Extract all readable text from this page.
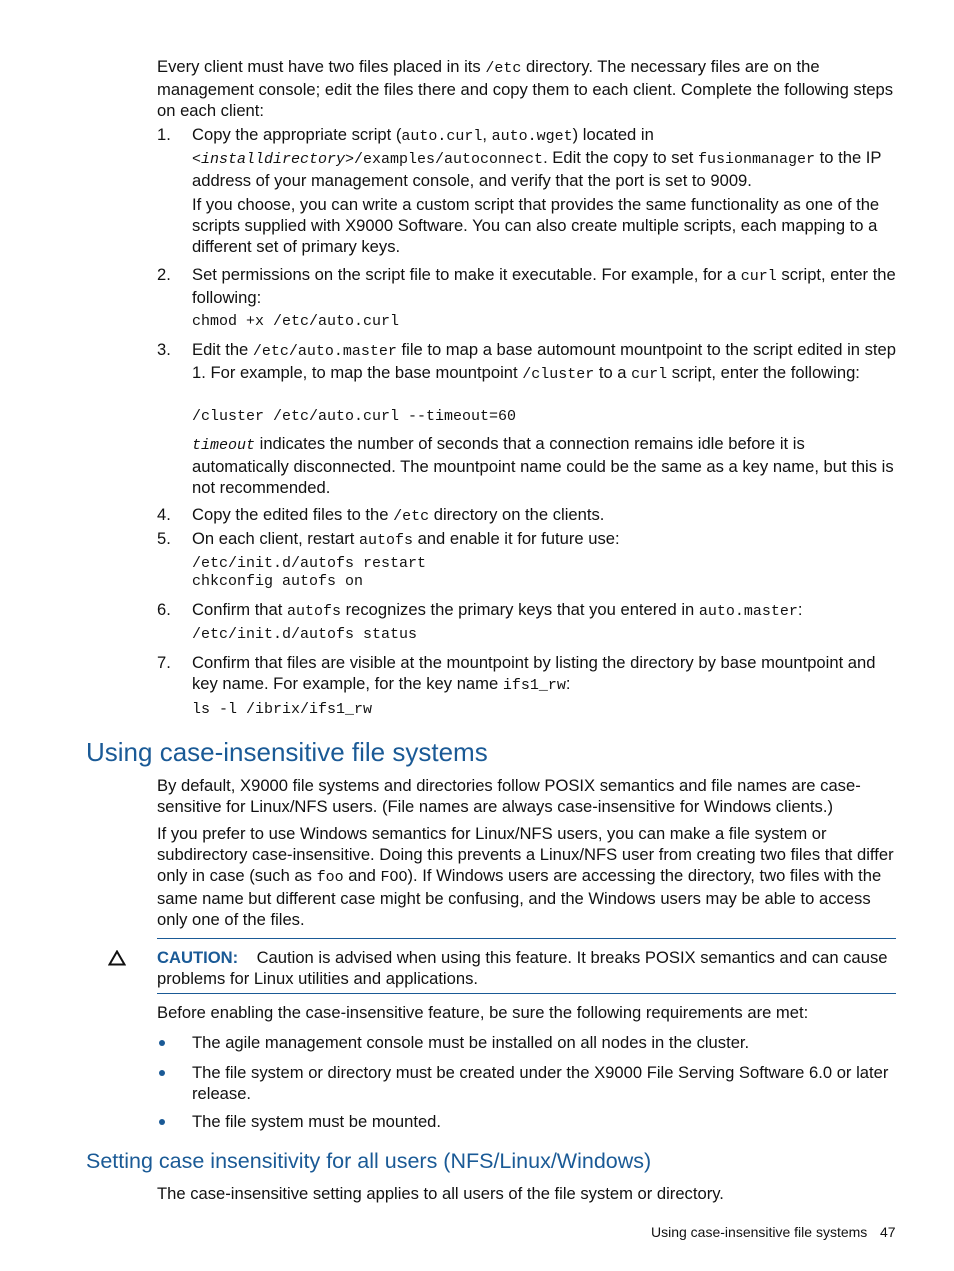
Every client must have two files placed in its /etc directory. The necessary files are on the management console; edit the files there and copy them to each client. Complete the following steps on each client:

1.	Copy the appropriate script (auto.curl, auto.wget) located in
<installdirectory>/examples/autoconnect. Edit the copy to set fusionmanager to the IP address of your management console, and verify that the port is set to 9009.

If you choose, you can write a custom script that provides the same functionality as one of the scripts supplied with X9000 Software. You can also create multiple scripts, each mapping to a different set of primary keys.

2.	Set permissions on the script file to make it executable. For example, for a curl script, enter the following:

chmod +x /etc/auto.curl
3.	Edit the /etc/auto.master file to map a base automount mountpoint to the script edited in step 1. For example, to map the base mountpoint /cluster to a curl script, enter the following:

/cluster /etc/auto.curl --timeout=60

timeout indicates the number of seconds that a connection remains idle before it is automatically disconnected. The mountpoint name could be the same as a key name, but this is not recommended.

4.	Copy the edited files to the /etc directory on the clients.

5.	On each client, restart autofs and enable it for future use:

/etc/init.d/autofs restart
chkconfig autofs on
6.	Confirm that autofs recognizes the primary keys that you entered in auto.master:

/etc/init.d/autofs status
7.	Confirm that files are visible at the mountpoint by listing the directory by base mountpoint and key name. For example, for the key name ifs1_rw:

ls -l /ibrix/ifs1_rw
Using case-insensitive file systems

By default, X9000 file systems and directories follow POSIX semantics and file names are case-sensitive for Linux/NFS users. (File names are always case-insensitive for Windows clients.)

If you prefer to use Windows semantics for Linux/NFS users, you can make a file system or subdirectory case-insensitive. Doing this prevents a Linux/NFS user from creating two files that differ only in case (such as foo and FOO). If Windows users are accessing the directory, two files with the same name but different case might be confusing, and the Windows users may be able to access only one of the files.

CAUTION: Caution is advised when using this feature. It breaks POSIX semantics and can cause problems for Linux utilities and applications.

Before enabling the case-insensitive feature, be sure the following requirements are met:

The agile management console must be installed on all nodes in the cluster.

The file system or directory must be created under the X9000 File Serving Software 6.0 or later release.

The file system must be mounted.

Setting case insensitivity for all users (NFS/Linux/Windows)

The case-insensitive setting applies to all users of the file system or directory.

Using case-insensitive file systems 47
